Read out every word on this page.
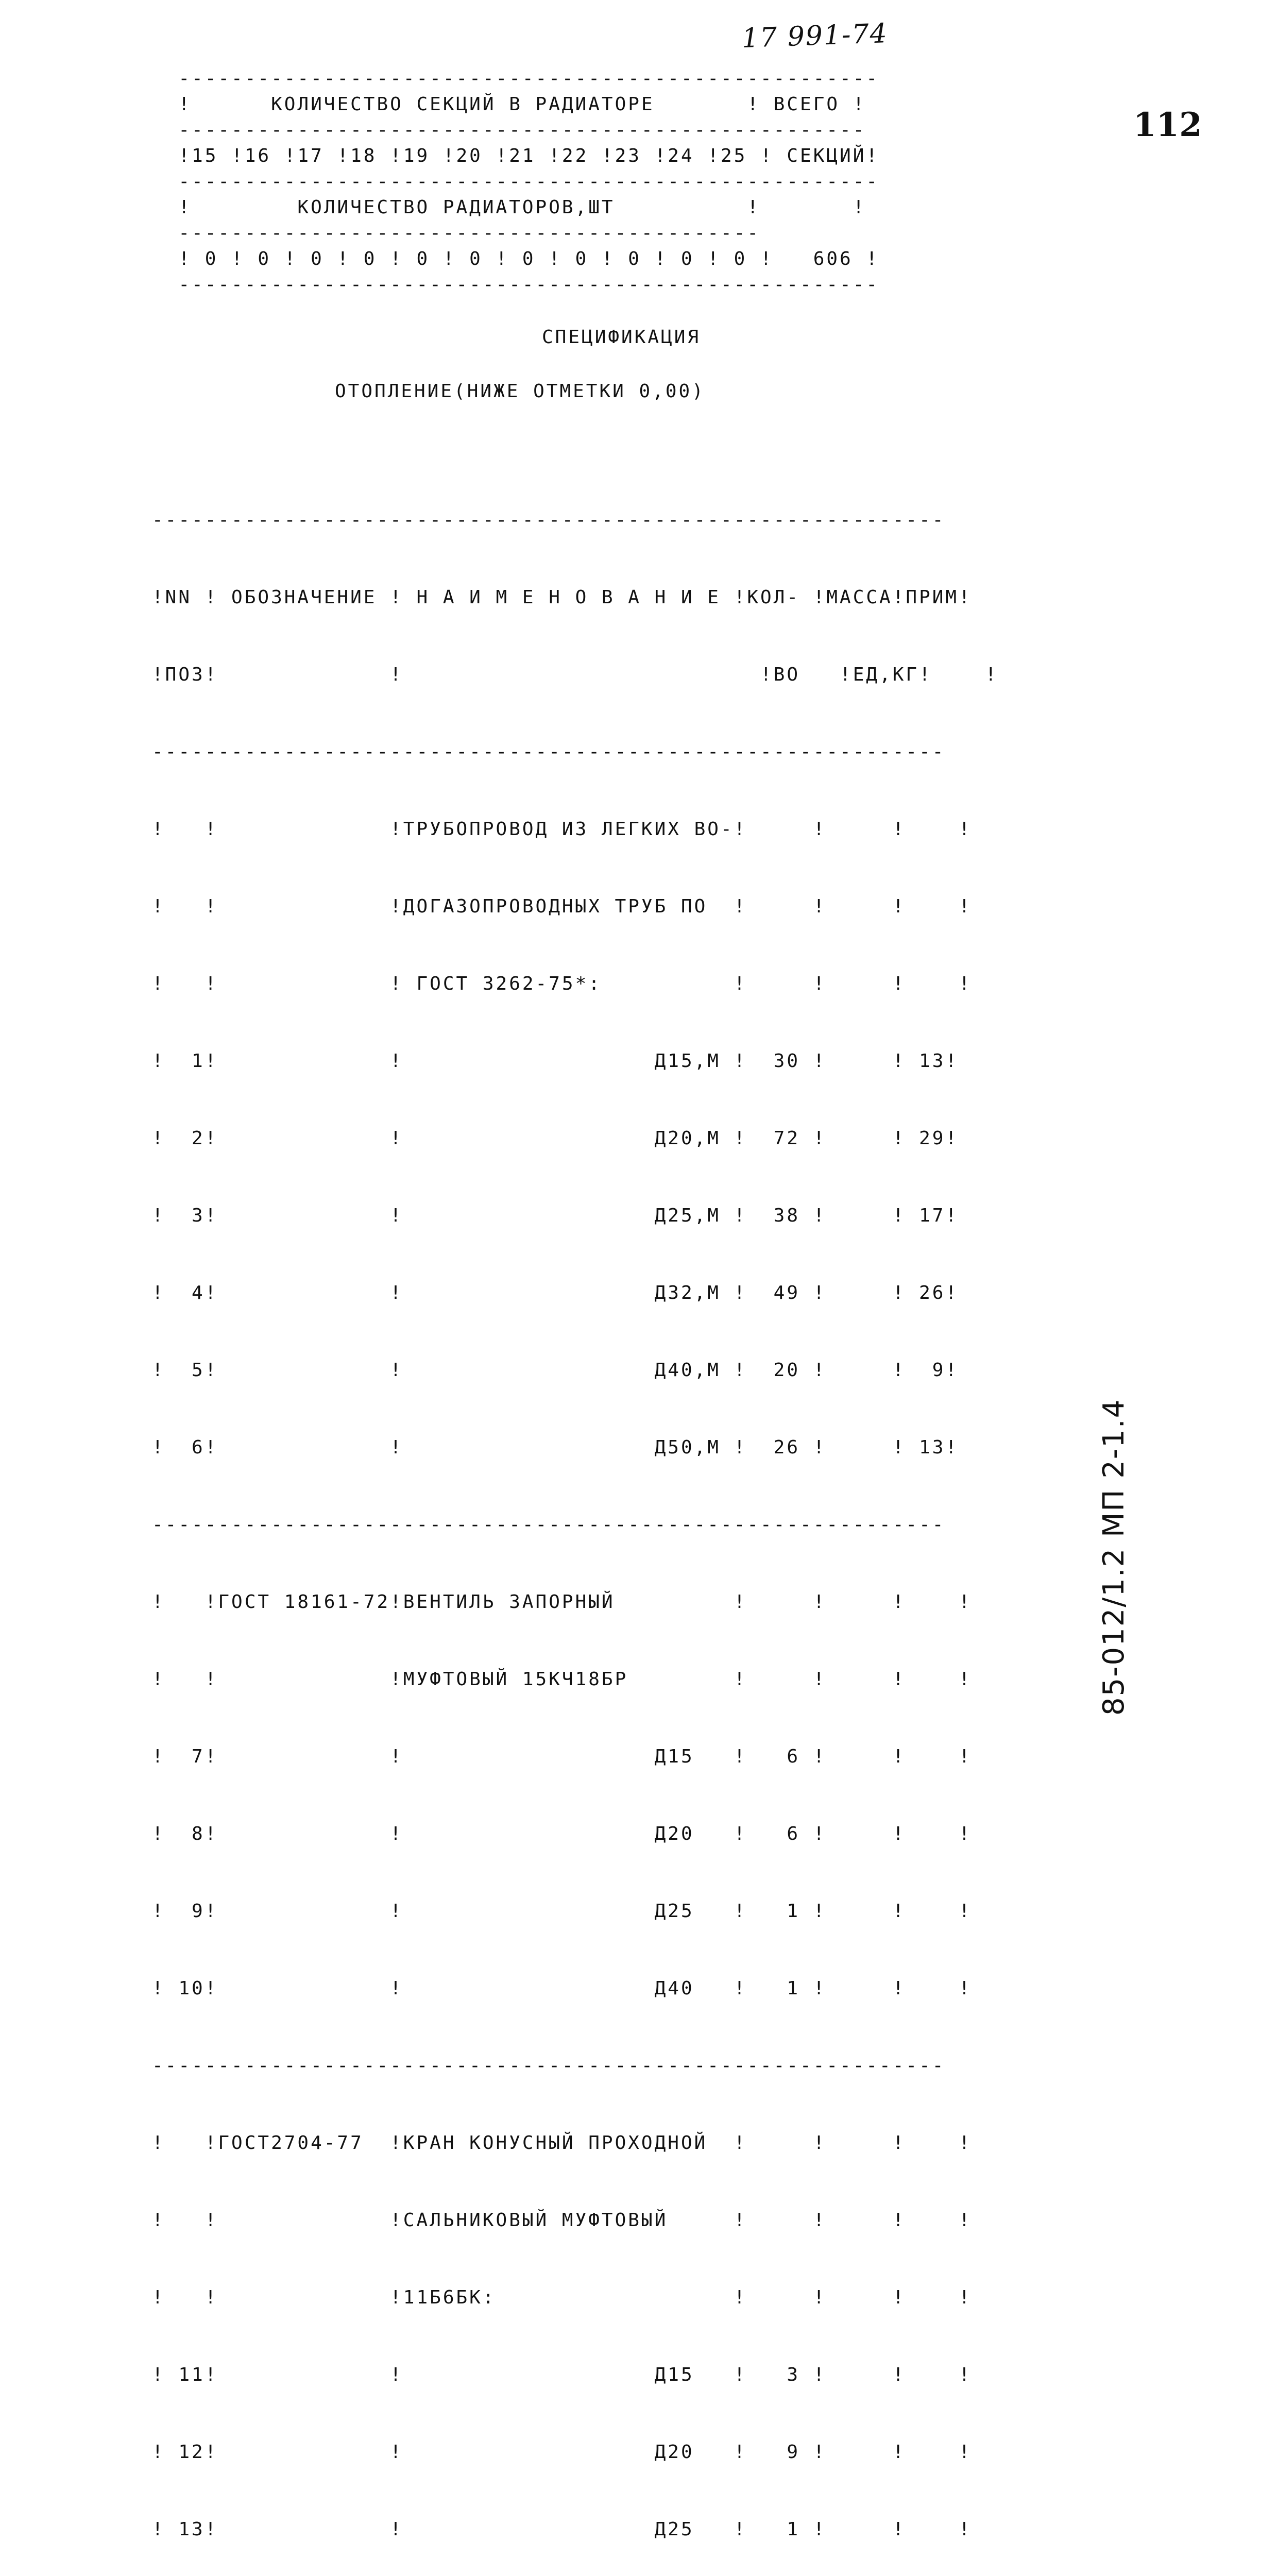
17 991-74
112

-----------------------------------------------------
!      КОЛИЧЕСТВО СЕКЦИЙ В РАДИАТОРЕ       ! ВСЕГО !
----------------------------------------------------
!15 !16 !17 !18 !19 !20 !21 !22 !23 !24 !25 ! СЕКЦИЙ!
-----------------------------------------------------
!        КОЛИЧЕСТВО РАДИАТОРОВ,ШТ          !       !
--------------------------------------------
! 0 ! 0 ! 0 ! 0 ! 0 ! 0 ! 0 ! 0 ! 0 ! 0 ! 0 !   606 !
-----------------------------------------------------

СПЕЦИФИКАЦИЯ
ОТОПЛЕНИЕ(НИЖЕ ОТМЕТКИ 0,00)

------------------------------------------------------------

!NN ! ОБОЗНАЧЕНИЕ ! Н А И М Е Н О В А Н И Е !КОЛ- !МАССА!ПРИМ!

!ПОЗ!             !                           !ВО   !ЕД,КГ!    !

------------------------------------------------------------

!   !             !ТРУБОПРОВОД ИЗ ЛЕГКИХ ВО-!     !     !    !

!   !             !ДОГАЗОПРОВОДНЫХ ТРУБ ПО  !     !     !    !

!   !             ! ГОСТ 3262-75*:          !     !     !    !

!  1!             !                   Д15,М !  30 !     ! 13!

!  2!             !                   Д20,М !  72 !     ! 29!

!  3!             !                   Д25,М !  38 !     ! 17!

!  4!             !                   Д32,М !  49 !     ! 26!

!  5!             !                   Д40,М !  20 !     !  9!

!  6!             !                   Д50,М !  26 !     ! 13!

------------------------------------------------------------

!   !ГОСТ 18161-72!ВЕНТИЛЬ ЗАПОРНЫЙ         !     !     !    !

!   !             !МУФТОВЫЙ 15КЧ18БР        !     !     !    !

!  7!             !                   Д15   !   6 !     !    !

!  8!             !                   Д20   !   6 !     !    !

!  9!             !                   Д25   !   1 !     !    !

! 10!             !                   Д40   !   1 !     !    !

------------------------------------------------------------

!   !ГОСТ2704-77  !КРАН КОНУСНЫЙ ПРОХОДНОЙ  !     !     !    !

!   !             !САЛЬНИКОВЫЙ МУФТОВЫЙ     !     !     !    !

!   !             !11Б6БК:                  !     !     !    !

! 11!             !                   Д15   !   3 !     !    !

! 12!             !                   Д20   !   9 !     !    !

! 13!             !                   Д25   !   1 !     !    !

85-012/1.2 МП 2-1.4
